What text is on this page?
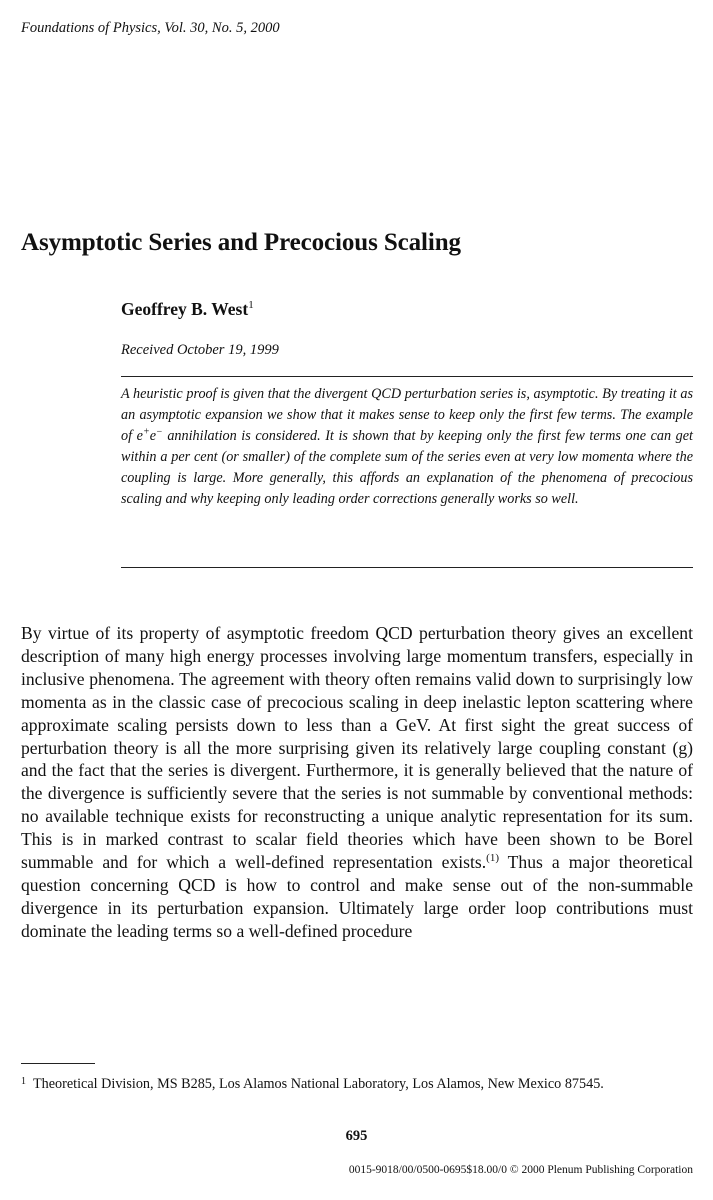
Foundations of Physics, Vol. 30, No. 5, 2000
Asymptotic Series and Precocious Scaling
Geoffrey B. West$^1$
Received October 19, 1999
A heuristic proof is given that the divergent QCD perturbation series is, asymptotic. By treating it as an asymptotic expansion we show that it makes sense to keep only the first few terms. The example of e+e− annihilation is considered. It is shown that by keeping only the first few terms one can get within a per cent (or smaller) of the complete sum of the series even at very low momenta where the coupling is large. More generally, this affords an explanation of the phenomena of precocious scaling and why keeping only leading order corrections generally works so well.
By virtue of its property of asymptotic freedom QCD perturbation theory gives an excellent description of many high energy processes involving large momentum transfers, especially in inclusive phenomena. The agreement with theory often remains valid down to surprisingly low momenta as in the classic case of precocious scaling in deep inelastic lepton scattering where approximate scaling persists down to less than a GeV. At first sight the great success of perturbation theory is all the more surprising given its relatively large coupling constant (g) and the fact that the series is divergent. Furthermore, it is generally believed that the nature of the divergence is sufficiently severe that the series is not summable by conventional methods: no available technique exists for reconstructing a unique analytic representation for its sum. This is in marked contrast to scalar field theories which have been shown to be Borel summable and for which a well-defined representation exists.$^{(1)}$ Thus a major theoretical question concerning QCD is how to control and make sense out of the non-summable divergence in its perturbation expansion. Ultimately large order loop contributions must dominate the leading terms so a well-defined procedure
1 Theoretical Division, MS B285, Los Alamos National Laboratory, Los Alamos, New Mexico 87545.
695
0015-9018/00/0500-0695$18.00/0 © 2000 Plenum Publishing Corporation
